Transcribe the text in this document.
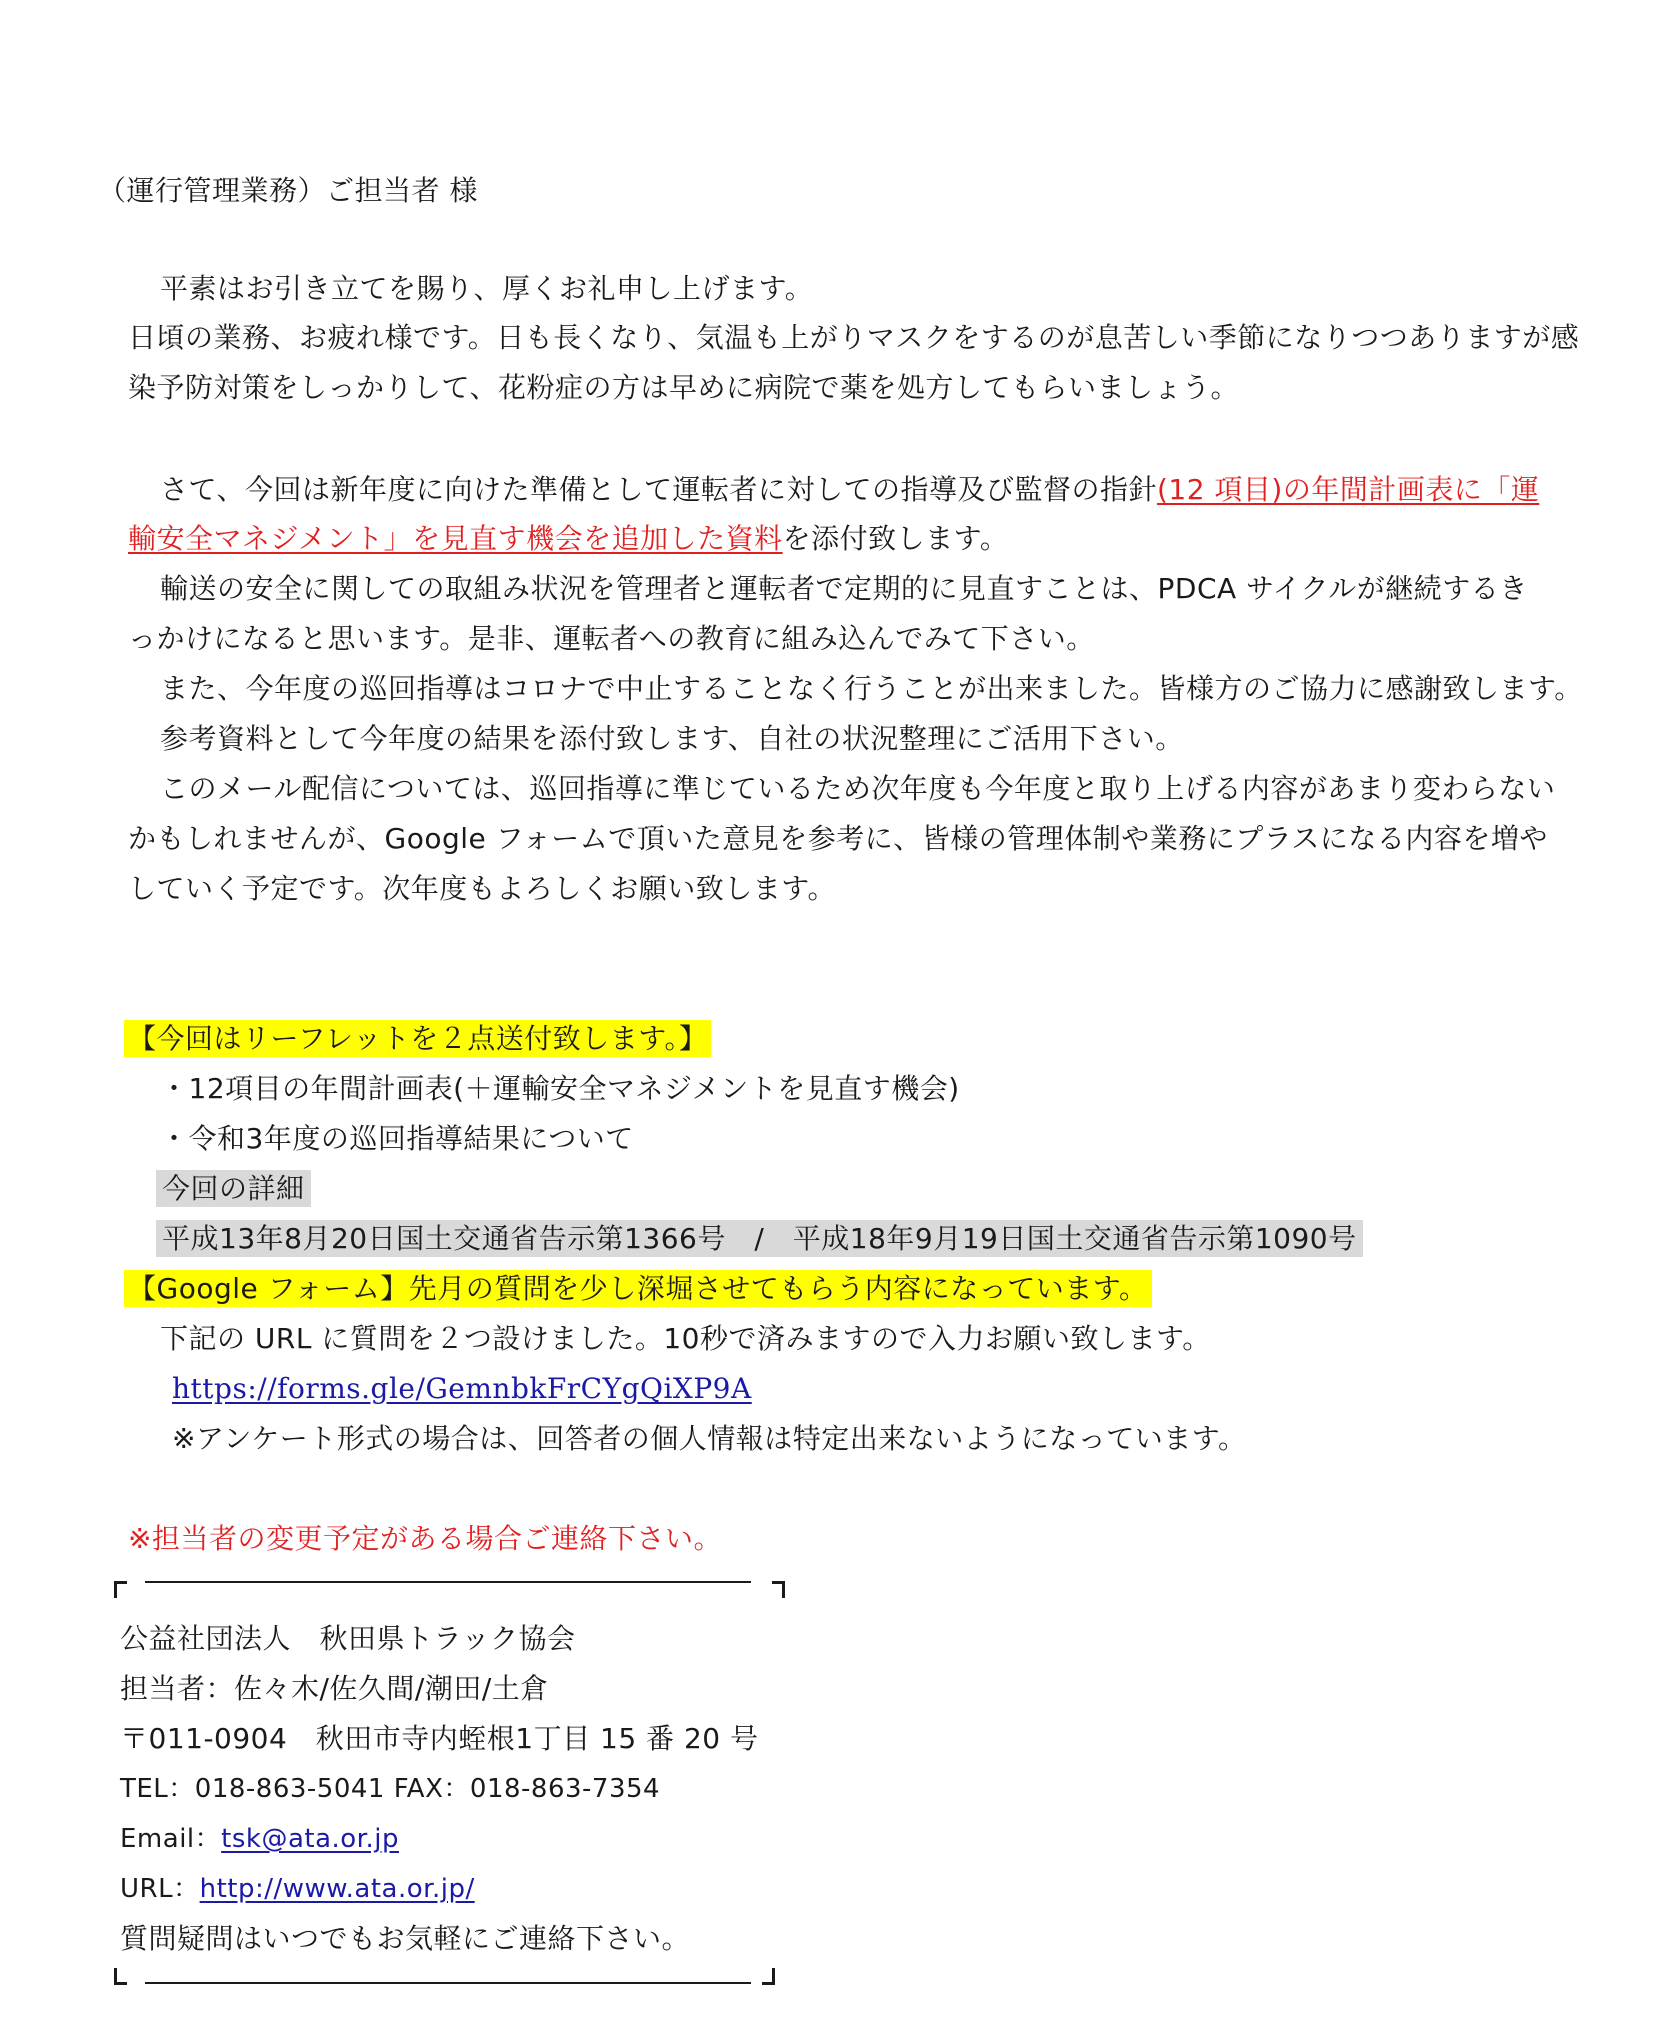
（運行管理業務）ご担当者 様
平素はお引き立てを賜り、厚くお礼申し上げます。
日頃の業務、お疲れ様です。日も長くなり、気温も上がりマスクをするのが息苦しい季節になりつつありますが感
染予防対策をしっかりして、花粉症の方は早めに病院で薬を処方してもらいましょう。
さて、今回は新年度に向けた準備として運転者に対しての指導及び監督の指針(12 項目)の年間計画表に「運
輸安全マネジメント」を見直す機会を追加した資料を添付致します。
輸送の安全に関しての取組み状況を管理者と運転者で定期的に見直すことは、PDCA サイクルが継続するき
っかけになると思います。是非、運転者への教育に組み込んでみて下さい。
また、今年度の巡回指導はコロナで中止することなく行うことが出来ました。皆様方のご協力に感謝致します。
参考資料として今年度の結果を添付致します、自社の状況整理にご活用下さい。
このメール配信については、巡回指導に準じているため次年度も今年度と取り上げる内容があまり変わらない
かもしれませんが、Google フォームで頂いた意見を参考に、皆様の管理体制や業務にプラスになる内容を増や
していく予定です。次年度もよろしくお願い致します。
【今回はリーフレットを２点送付致します。】
・12項目の年間計画表(＋運輸安全マネジメントを見直す機会)
・令和3年度の巡回指導結果について
今回の詳細
平成13年8月20日国土交通省告示第1366号　/　平成18年9月19日国土交通省告示第1090号
【Google フォーム】先月の質問を少し深堀させてもらう内容になっています。
下記の URL に質問を２つ設けました。10秒で済みますので入力お願い致します。
https://forms.gle/GemnbkFrCYgQiXP9A
※アンケート形式の場合は、回答者の個人情報は特定出来ないようになっています。
※担当者の変更予定がある場合ご連絡下さい。
公益社団法人　秋田県トラック協会
担当者：佐々木/佐久間/潮田/土倉
〒011-0904　秋田市寺内蛭根1丁目 15 番 20 号
TEL：018-863-5041 FAX：018-863-7354
Email：tsk@ata.or.jp
URL：http://www.ata.or.jp/
質問疑問はいつでもお気軽にご連絡下さい。
